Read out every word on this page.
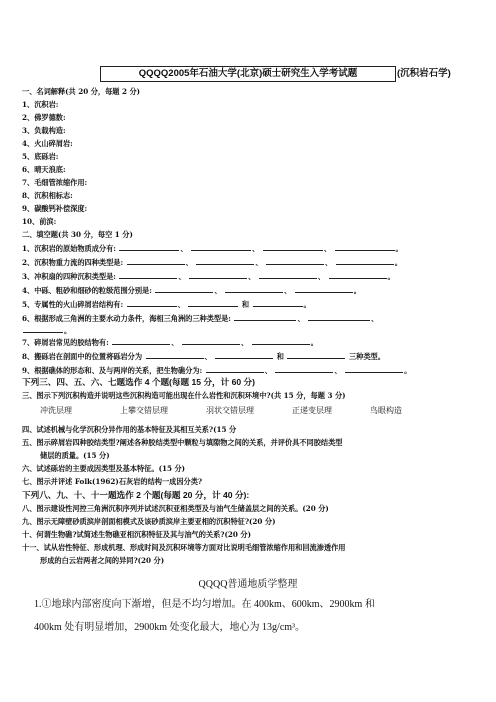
QQQQ2005年石油大学(北京)硕士研究生入学考试题	(沉积岩石学)
一、名词解释(共 20 分，每题 2 分)
1、沉积岩:
2、佛罗德数:
3、负载构造:
4、火山碎屑岩:
5、底砾岩:
6、晴天浪底:
7、毛细管浓缩作用:
8、沉积相标志:
9、碳酸钙补偿深度:
10、前滨:
二、填空题(共 30 分，每空 1 分)
1、沉积岩的原始物质成分有:	、	、	、	。
2、沉积物重力流的四种类型是:	、	、	、	。
3、冲积扇的四种沉积类型是:	、	、	、	。
4、中砾、粗砂和细砂的粒级范围分别是:	、	、	。
5、专属性的火山碎屑岩结构有:	、	和	。
6、根据形成三角洲的主要水动力条件，海相三角洲的三种类型是:	、	、
。
7、碎屑岩常见的胶结物有:	、	、	。
8、搬砾岩在剖面中的位置将砾岩分为	、	和	三种类型。
9、根据礁体的形态和、及与两岸的关系，把生物礁分为:	、	、	。
下列三、四、五、六、七题选作 4 个题(每题 15 分，计 60 分)
三、图示下列沉积构造并说明这些沉积构造可能出现在什么岩性和沉积环境中?(共 15 分，每题 3 分)
冲洗层理	上攀交错层理	羽状交错层理	正递变层理	鸟眼构造
四、试述机械与化学沉积分异作用的基本特征及其相互关系?(15 分
五、图示碎屑岩四种胶结类型?阐述各种胶结类型中颗粒与填隙物之间的关系，并评价具不同胶结类型
储层的质量。(15 分)
六、试述砾岩的主要成因类型及基本特征。(15 分)
七、图示并评述 Folk(1962)石灰岩的结构一成因分类?
下列八、九、十、十一题选作 2 个题(每题 20 分，计 40 分):
八、图示建设性河控三角洲沉积序列并试述沉积亚相类型及与油气生储盖层之间的关系。(20 分)
九、图示无障壁砂质滨岸剖面相模式及该砂质滨岸主要亚相的沉积特征?(20 分)
十、何谓生物礁?试简述生物礁亚相沉积特征及其与油气的关系?(20 分)
十一、试从岩性特征、形成机理、形成时间及沉积环境等方面对比说明毛细管浓缩作用和回流渗透作用
形成的白云岩两者之间的异同?(20 分)
QQQQ普通地质学整理
1.①地球内部密度向下渐增，但是不均匀增加。在 400km、600km、2900km 和
400km 处有明显增加，2900km 处变化最大，地心为 13g/cm³。
